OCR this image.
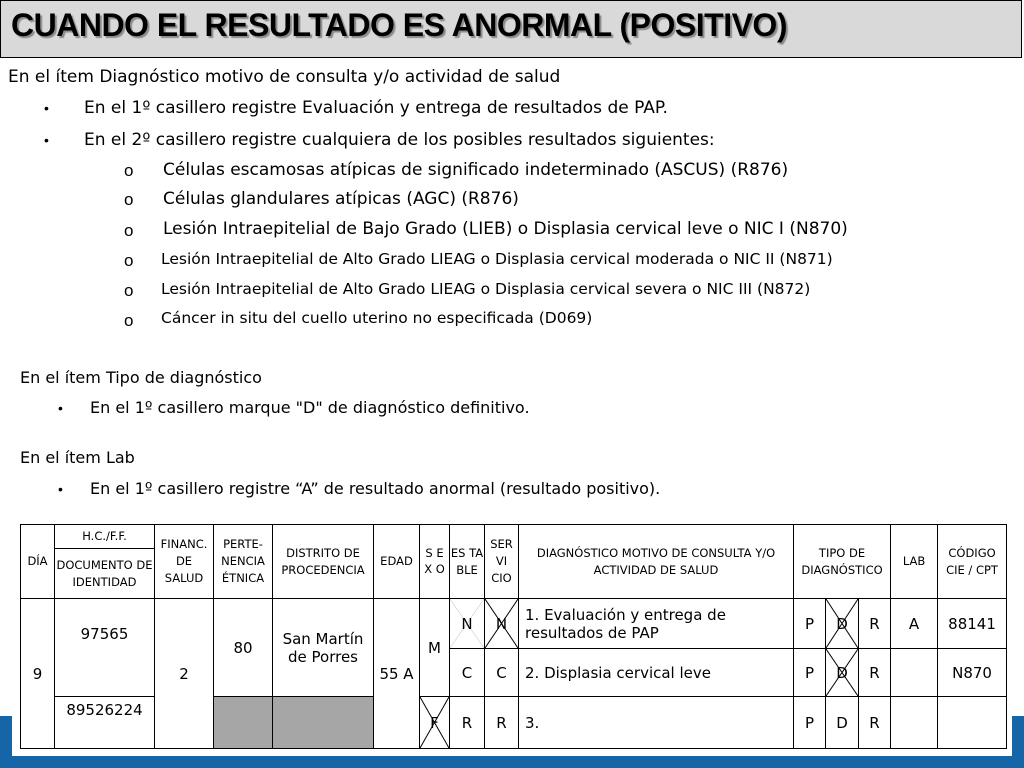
CUANDO EL RESULTADO ES ANORMAL (POSITIVO)
En el ítem Diagnóstico motivo de consulta y/o actividad de salud
• En el 1º casillero registre Evaluación y entrega de resultados de PAP.
• En el 2º casillero registre cualquiera de los posibles resultados siguientes:
o Células escamosas atípicas de significado indeterminado (ASCUS) (R876)
o Células glandulares atípicas (AGC) (R876)
o Lesión Intraepitelial de Bajo Grado (LIEB) o Displasia cervical leve o NIC I (N870)
o Lesión Intraepitelial de Alto Grado LIEAG o Displasia cervical moderada o NIC II (N871)
o Lesión Intraepitelial de Alto Grado LIEAG o Displasia cervical severa o NIC III (N872)
o Cáncer in situ del cuello uterino no especificada (D069)
En el ítem Tipo de diagnóstico
• En el 1º casillero marque "D" de diagnóstico definitivo.
En el ítem Lab
• En el 1º casillero registre “A” de resultado anormal (resultado positivo).
DÍA	H.C./F.F.	FINANC. DE SALUD	PERTE-NENCIA ÉTNICA	DISTRITO DE PROCEDENCIA	EDAD	S E X O	ES TA BLE	SER VI CIO	DIAGNÓSTICO MOTIVO DE CONSULTA Y/O ACTIVIDAD DE SALUD	TIPO DE DIAGNÓSTICO			LAB	CÓDIGO CIE / CPT
	DOCUMENTO DE IDENTIDAD													
9	97565	2	80	San Martín de Porres	55 A	M	N	N	1. Evaluación y entrega de resultados de PAP	P	D	R	A	88141
							C	C	2. Displasia cervical leve	P	D	R		N870
	89526224					F	R	R	3.	P	D	R		
